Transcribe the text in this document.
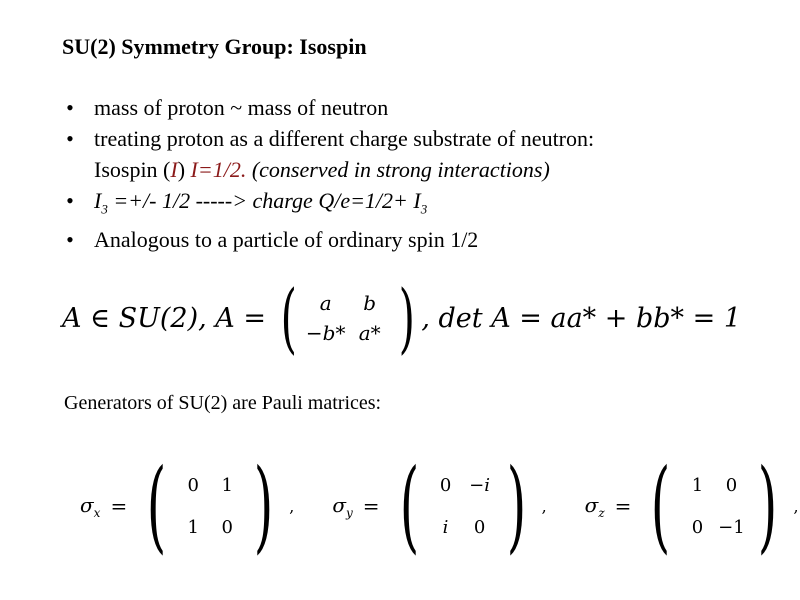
SU(2) Symmetry Group: Isospin
• mass of proton ~ mass of neutron
• treating proton as a different charge substrate of neutron:
Isospin (I) I=1/2. (conserved in strong interactions)
• $I_3$ =+/- 1/2 -----> charge $Q/e=1/2+ I_3$
• Analogous to a particle of ordinary spin 1/2
A ∈ SU(2), A = (	a	b
−b* a* ) , det A = aa* + bb* = 1
Generators of SU(2) are Pauli matrices:
$\sigma_x$ = (	0	1
1	0 ) , $\sigma_y$ = (	0 −i
i	0 ) , $\sigma_z$ = (	1	0
0 −1 ) ,
